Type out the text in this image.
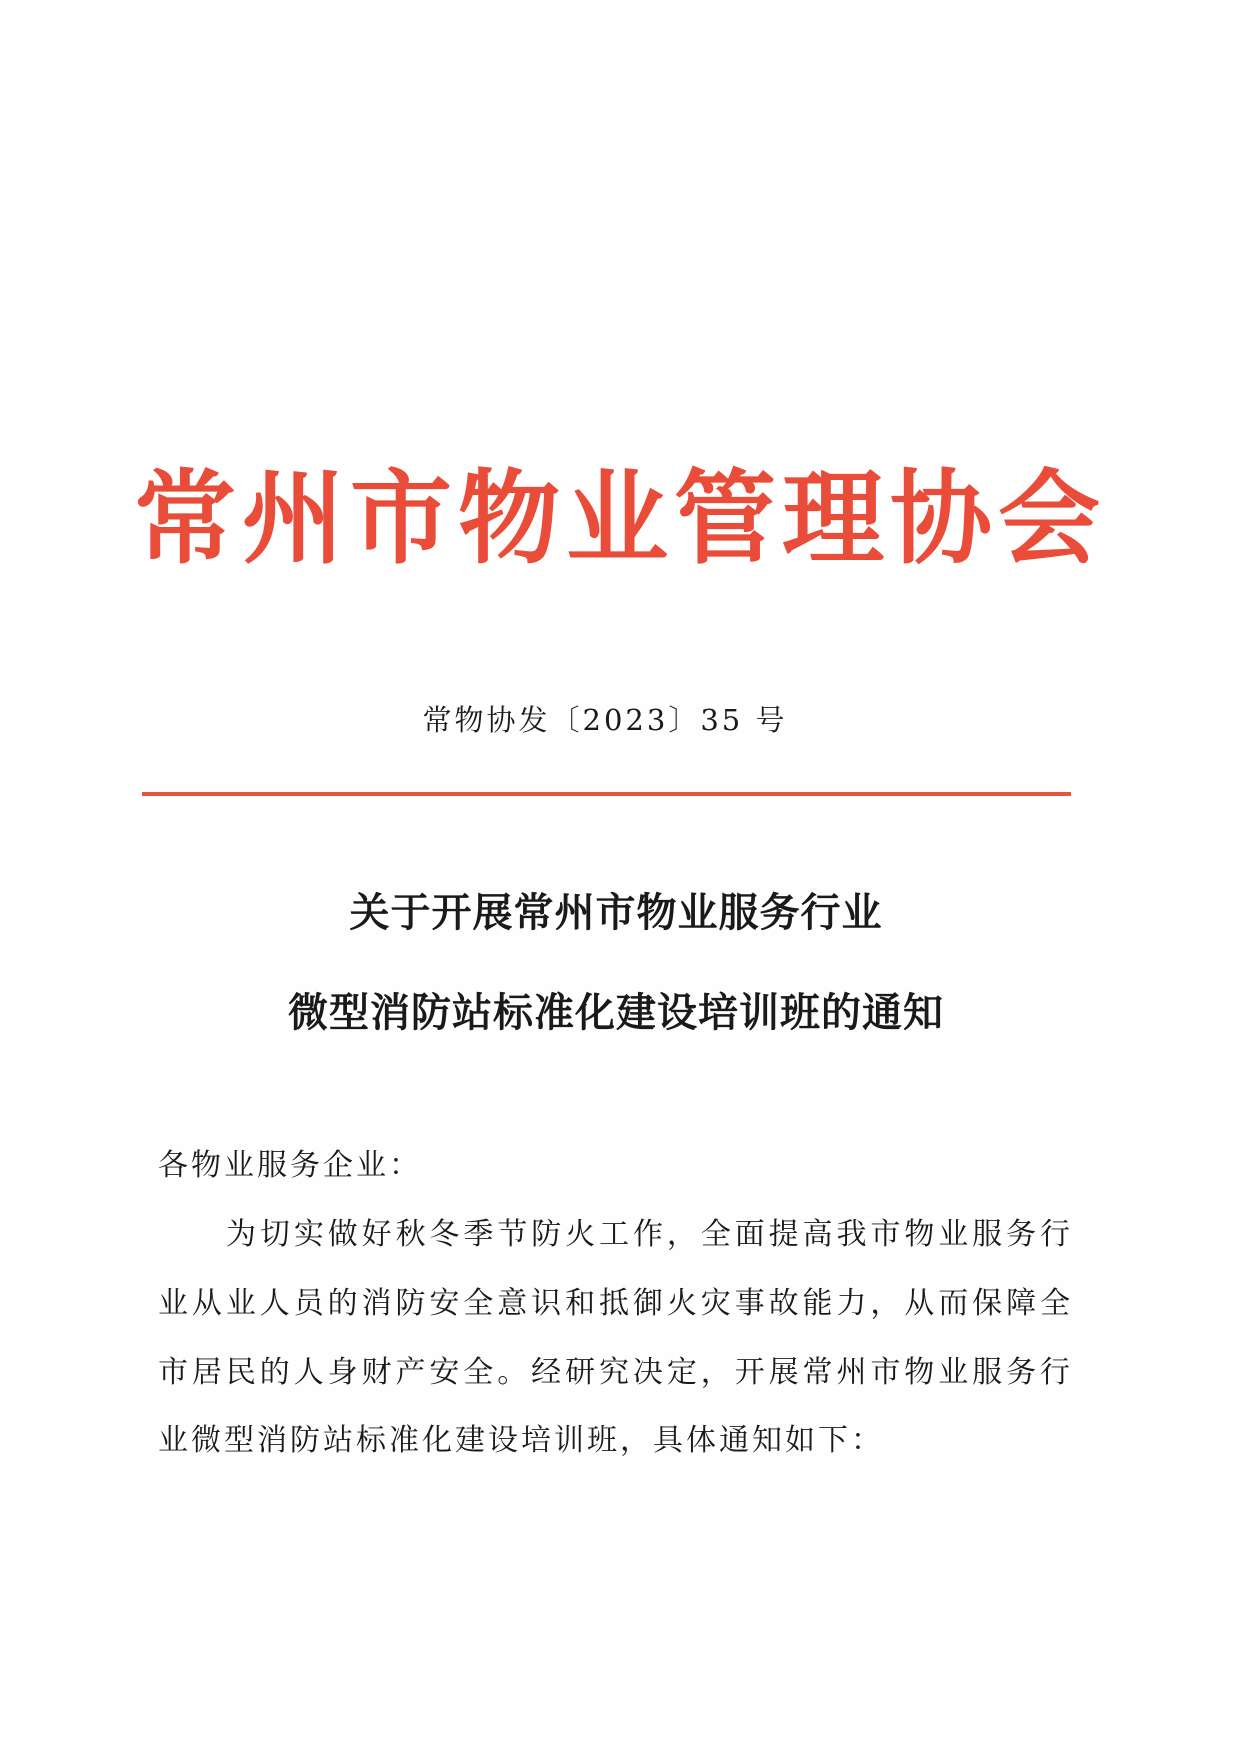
常州市物业管理协会
常物协发〔2023〕35 号
关于开展常州市物业服务行业
微型消防站标准化建设培训班的通知
各物业服务企业：
为切实做好秋冬季节防火工作，全面提高我市物业服务行
业从业人员的消防安全意识和抵御火灾事故能力，从而保障全
市居民的人身财产安全。经研究决定，开展常州市物业服务行
业微型消防站标准化建设培训班，具体通知如下：
